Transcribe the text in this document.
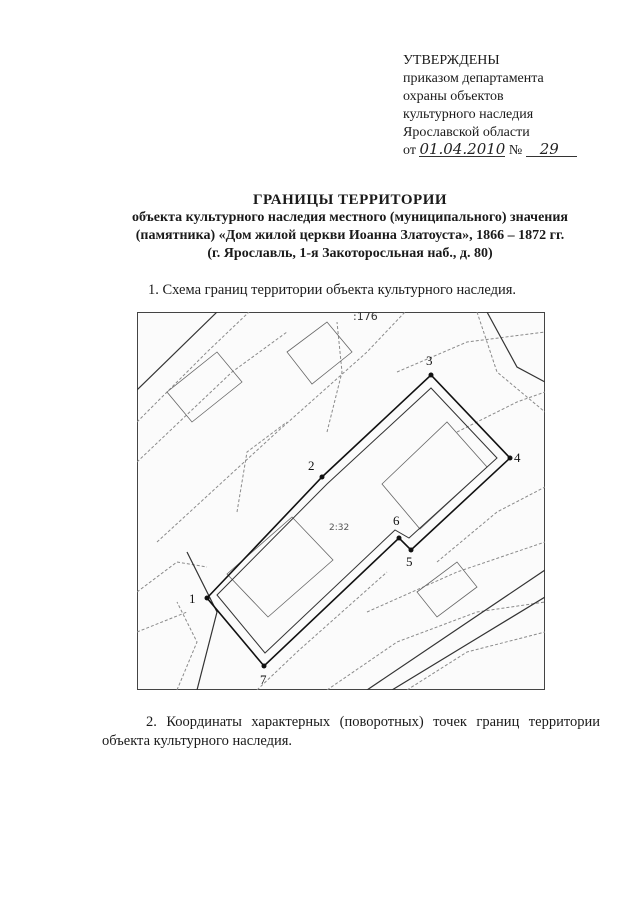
УТВЕРЖДЕНЫ
приказом департамента
охраны объектов
культурного наследия
Ярославской области
от 01.04.2010 № 29
ГРАНИЦЫ ТЕРРИТОРИИ
объекта культурного наследия местного (муниципального) значения
(памятника) «Дом жилой церкви Иоанна Златоуста», 1866 – 1872 гг.
(г. Ярославль, 1-я Закоторосльная наб., д. 80)
1. Схема границ территории объекта культурного наследия.
1
2
3
4
5
6
7
:176
2:32
2. Координаты характерных (поворотных) точек границ территории объекта культурного наследия.
